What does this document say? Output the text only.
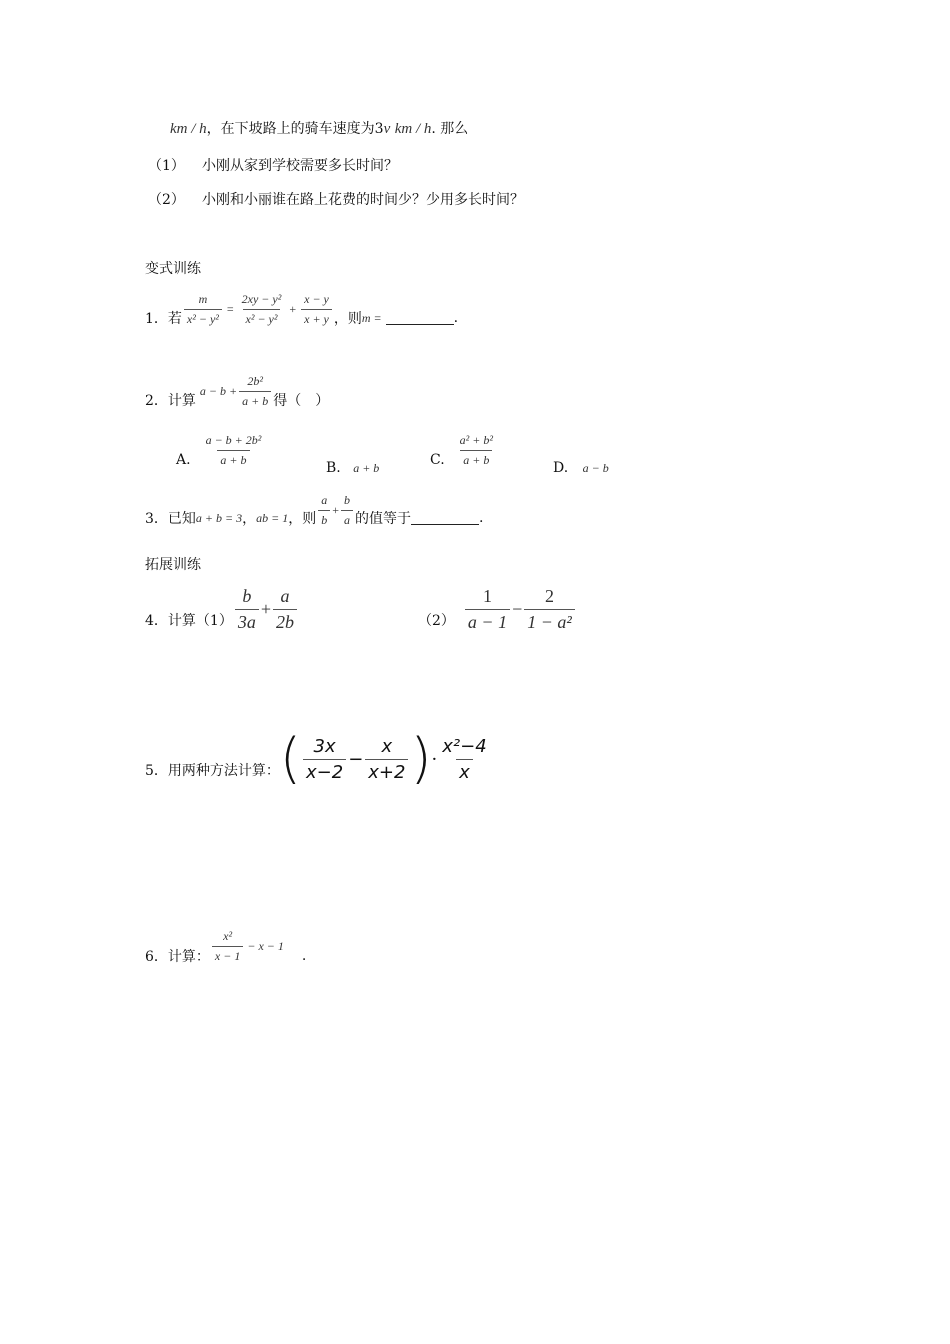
km / h，在下坡路上的骑车速度为3v km / h. 那么
（1） 小刚从家到学校需要多长时间？
（2） 小刚和小丽谁在路上花费的时间少？少用多长时间？
变式训练
1．若 $\frac{m}{\text{x² − y²}} = \frac{\text{2xy − y²}}{\text{x² − y²}} + \frac{x - y}{x + y}$ ，则 m =	.
2．计算
$a - b + \frac{\text{2b²}}{a + b}$ 得（　）
A. $\frac{\text{a − b + 2b²}}{a + b}$
B. a + b	C. $\frac{\text{a² + b²}}{a + b}$
D. a − b
3．已知 a + b = 3 ， ab = 1 ，则 $\frac{a}{b} + \frac{b}{a}$ 的值等于	.
拓展训练
4．计算$(1) \frac{b}{3a} + \frac{a}{2b}$	$(2) \frac{1}{a - 1} - \frac{2}{\text{1 − a²}}$
5．用两种方法计算： ( $\frac{3x}{x-2} - \frac{x}{x+2}$ ) · $\frac{\text{x²−4}}{x}$
6．计算： $\frac{\text{x²}}{x - 1} - x - 1$
.
